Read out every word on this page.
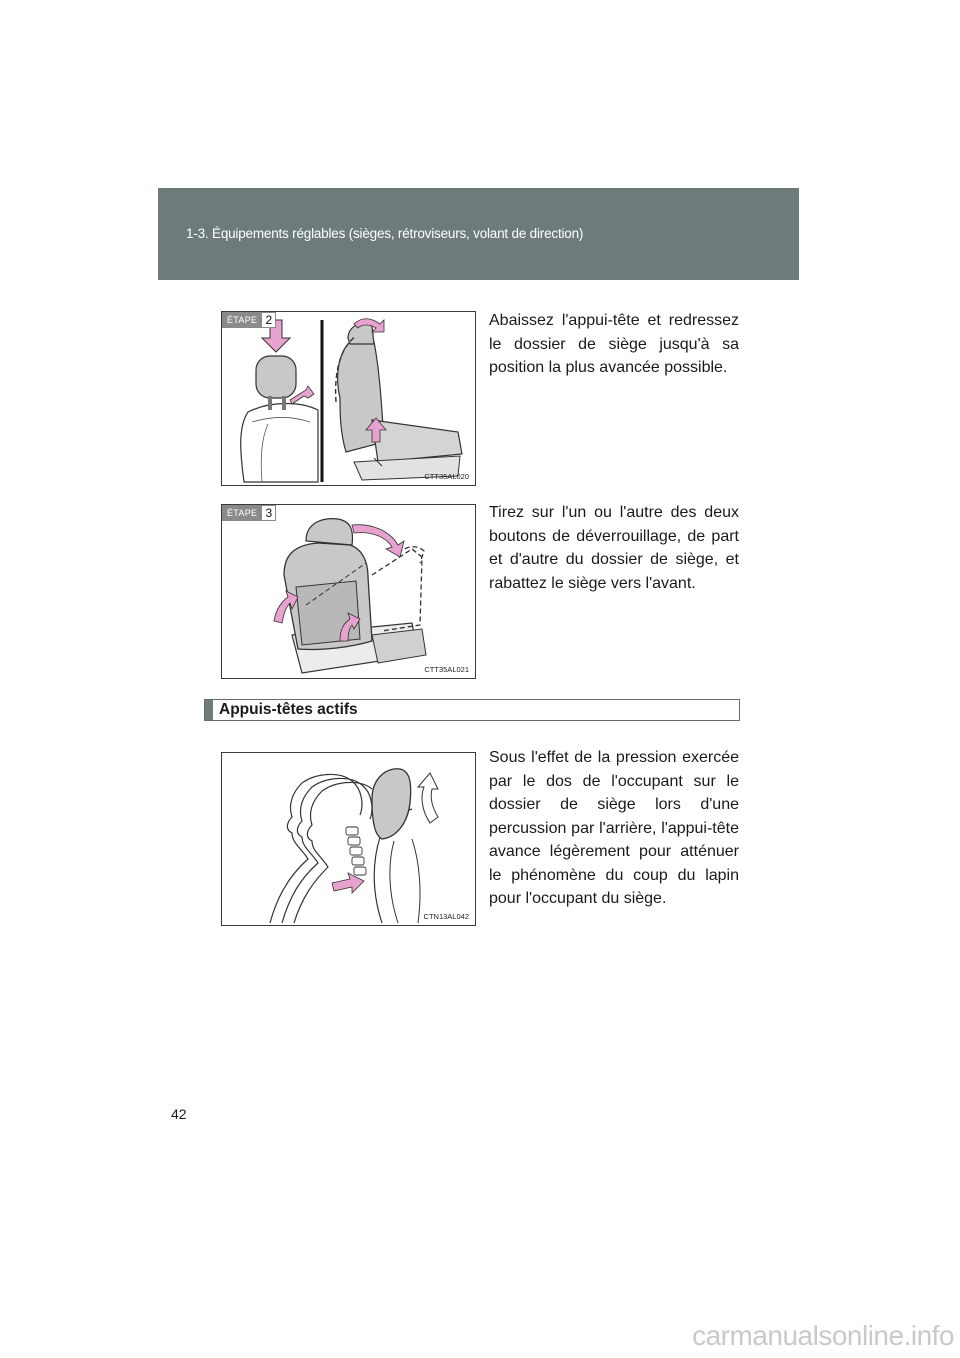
1-3. Équipements réglables (sièges, rétroviseurs, volant de direction)
ÉTAPE 2
CTT35AL020
Abaissez l'appui-tête et redressez le dossier de siège jusqu'à sa position la plus avancée possible.
ÉTAPE 3
CTT35AL021
Tirez sur l'un ou l'autre des deux boutons de déverrouillage, de part et d'autre du dossier de siège, et rabattez le siège vers l'avant.
Appuis-têtes actifs
CTN13AL042
Sous l'effet de la pression exercée par le dos de l'occupant sur le dossier de siège lors d'une percussion par l'arrière, l'appui-tête avance légèrement pour atténuer le phénomène du coup du lapin pour l'occupant du siège.
42
carmanualsonline.info
